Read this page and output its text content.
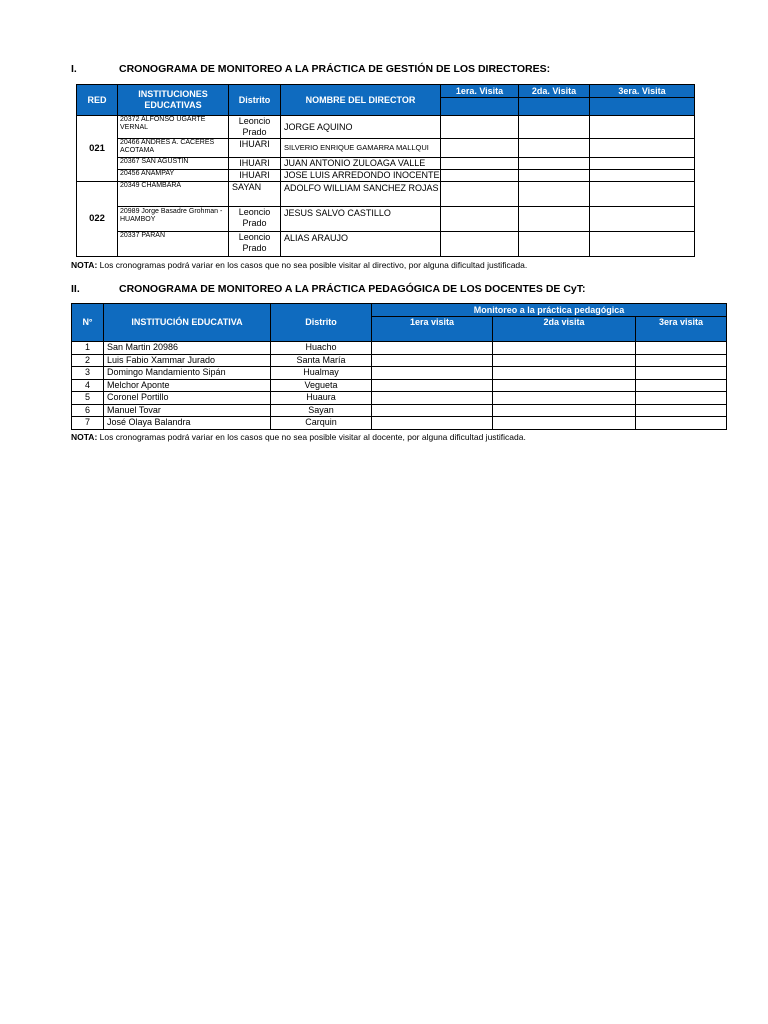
I.	CRONOGRAMA DE MONITOREO A LA PRÁCTICA DE GESTIÓN DE LOS DIRECTORES:
RED	INSTITUCIONES EDUCATIVAS	Distrito	NOMBRE DEL DIRECTOR	1era. Visita	2da. Visita	3era. Visita

021	20372 ALFONSO UGARTE VERNAL	Leoncio Prado	JORGE AQUINO			
	20466 ANDRES A. CACERES ACOTAMA	IHUARI	SILVERIO ENRIQUE GAMARRA MALLQUI			
	20367 SAN AGUSTIN	IHUARI	JUAN ANTONIO ZULOAGA VALLE			
	20456 AÑAMPAY	IHUARI	JOSE LUIS ARREDONDO INOCENTE			
022	20349 CHAMBARA	SAYAN	ADOLFO WILLIAM SANCHEZ ROJAS			
	20989 Jorge Basadre Grohman - HUAMBOY	Leoncio Prado	JESUS SALVO CASTILLO			
	20337 PARAN	Leoncio Prado	ALIAS ARAUJO			
NOTA: Los cronogramas podrá variar en los casos que no sea posible visitar al directivo, por alguna dificultad justificada.
II.	CRONOGRAMA DE MONITOREO A LA PRÁCTICA PEDAGÓGICA DE LOS DOCENTES DE CyT:
N°	INSTITUCIÓN EDUCATIVA	Distrito	Monitoreo a la práctica pedagógica		
			1era visita	2da visita	3era visita
1	San Martin 20986	Huacho			
2	Luis Fabio Xammar Jurado	Santa María			
3	Domingo Mandamiento Sipán	Hualmay			
4	Melchor Aponte	Vegueta			
5	Coronel Portillo	Huaura			
6	Manuel Tovar	Sayan			
7	José Olaya Balandra	Carquin			
NOTA: Los cronogramas podrá variar en los casos que no sea posible visitar al docente, por alguna dificultad justificada.
